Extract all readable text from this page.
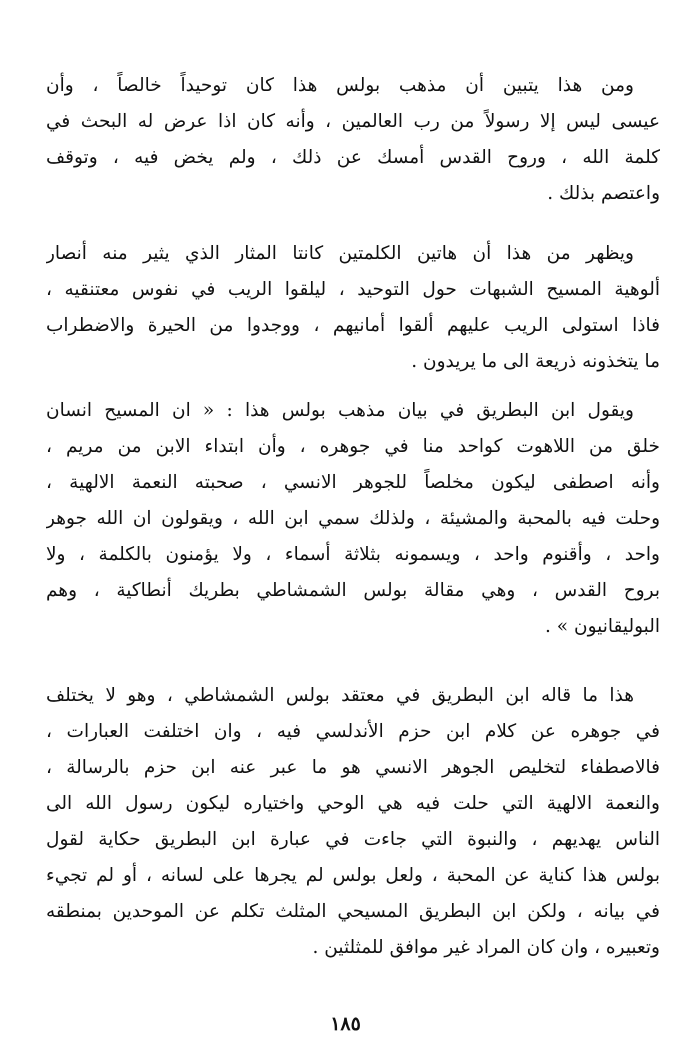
ومن هذا يتبين أن مذهب بولس هذا كان توحيداً خالصاً ، وأن
عيسى ليس إلا رسولاً من رب العالمين ، وأنه كان اذا عرض له البحث في
كلمة الله ، وروح القدس أمسك عن ذلك ، ولم يخض فيه ، وتوقف
واعتصم بذلك .
ويظهر من هذا أن هاتين الكلمتين كانتا المثار الذي يثير منه أنصار
ألوهية المسيح الشبهات حول التوحيد ، ليلقوا الريب في نفوس معتنقيه ،
فاذا استولى الريب عليهم ألقوا أمانيهم ، ووجدوا من الحيرة والاضطراب
ما يتخذونه ذريعة الى ما يريدون .
ويقول ابن البطريق في بيان مذهب بولس هذا : « ان المسيح انسان
خلق من اللاهوت كواحد منا في جوهره ، وأن ابتداء الابن من مريم ،
وأنه اصطفى ليكون مخلصاً للجوهر الانسي ، صحبته النعمة الالهية ،
وحلت فيه بالمحبة والمشيئة ، ولذلك سمي ابن الله ، ويقولون ان الله جوهر
واحد ، وأقنوم واحد ، ويسمونه بثلاثة أسماء ، ولا يؤمنون بالكلمة ، ولا
بروح القدس ، وهي مقالة بولس الشمشاطي بطريك أنطاكية ، وهم
البوليقانيون » .
هذا ما قاله ابن البطريق في معتقد بولس الشمشاطي ، وهو لا يختلف
في جوهره عن كلام ابن حزم الأندلسي فيه ، وان اختلفت العبارات ،
فالاصطفاء لتخليص الجوهر الانسي هو ما عبر عنه ابن حزم بالرسالة ،
والنعمة الالهية التي حلت فيه هي الوحي واختياره ليكون رسول الله الى
الناس يهديهم ، والنبوة التي جاءت في عبارة ابن البطريق حكاية لقول
بولس هذا كناية عن المحبة ، ولعل بولس لم يجرها على لسانه ، أو لم تجيء
في بيانه ، ولكن ابن البطريق المسيحي المثلث تكلم عن الموحدين بمنطقه
وتعبيره ، وان كان المراد غير موافق للمثلثين .
١٨٥
